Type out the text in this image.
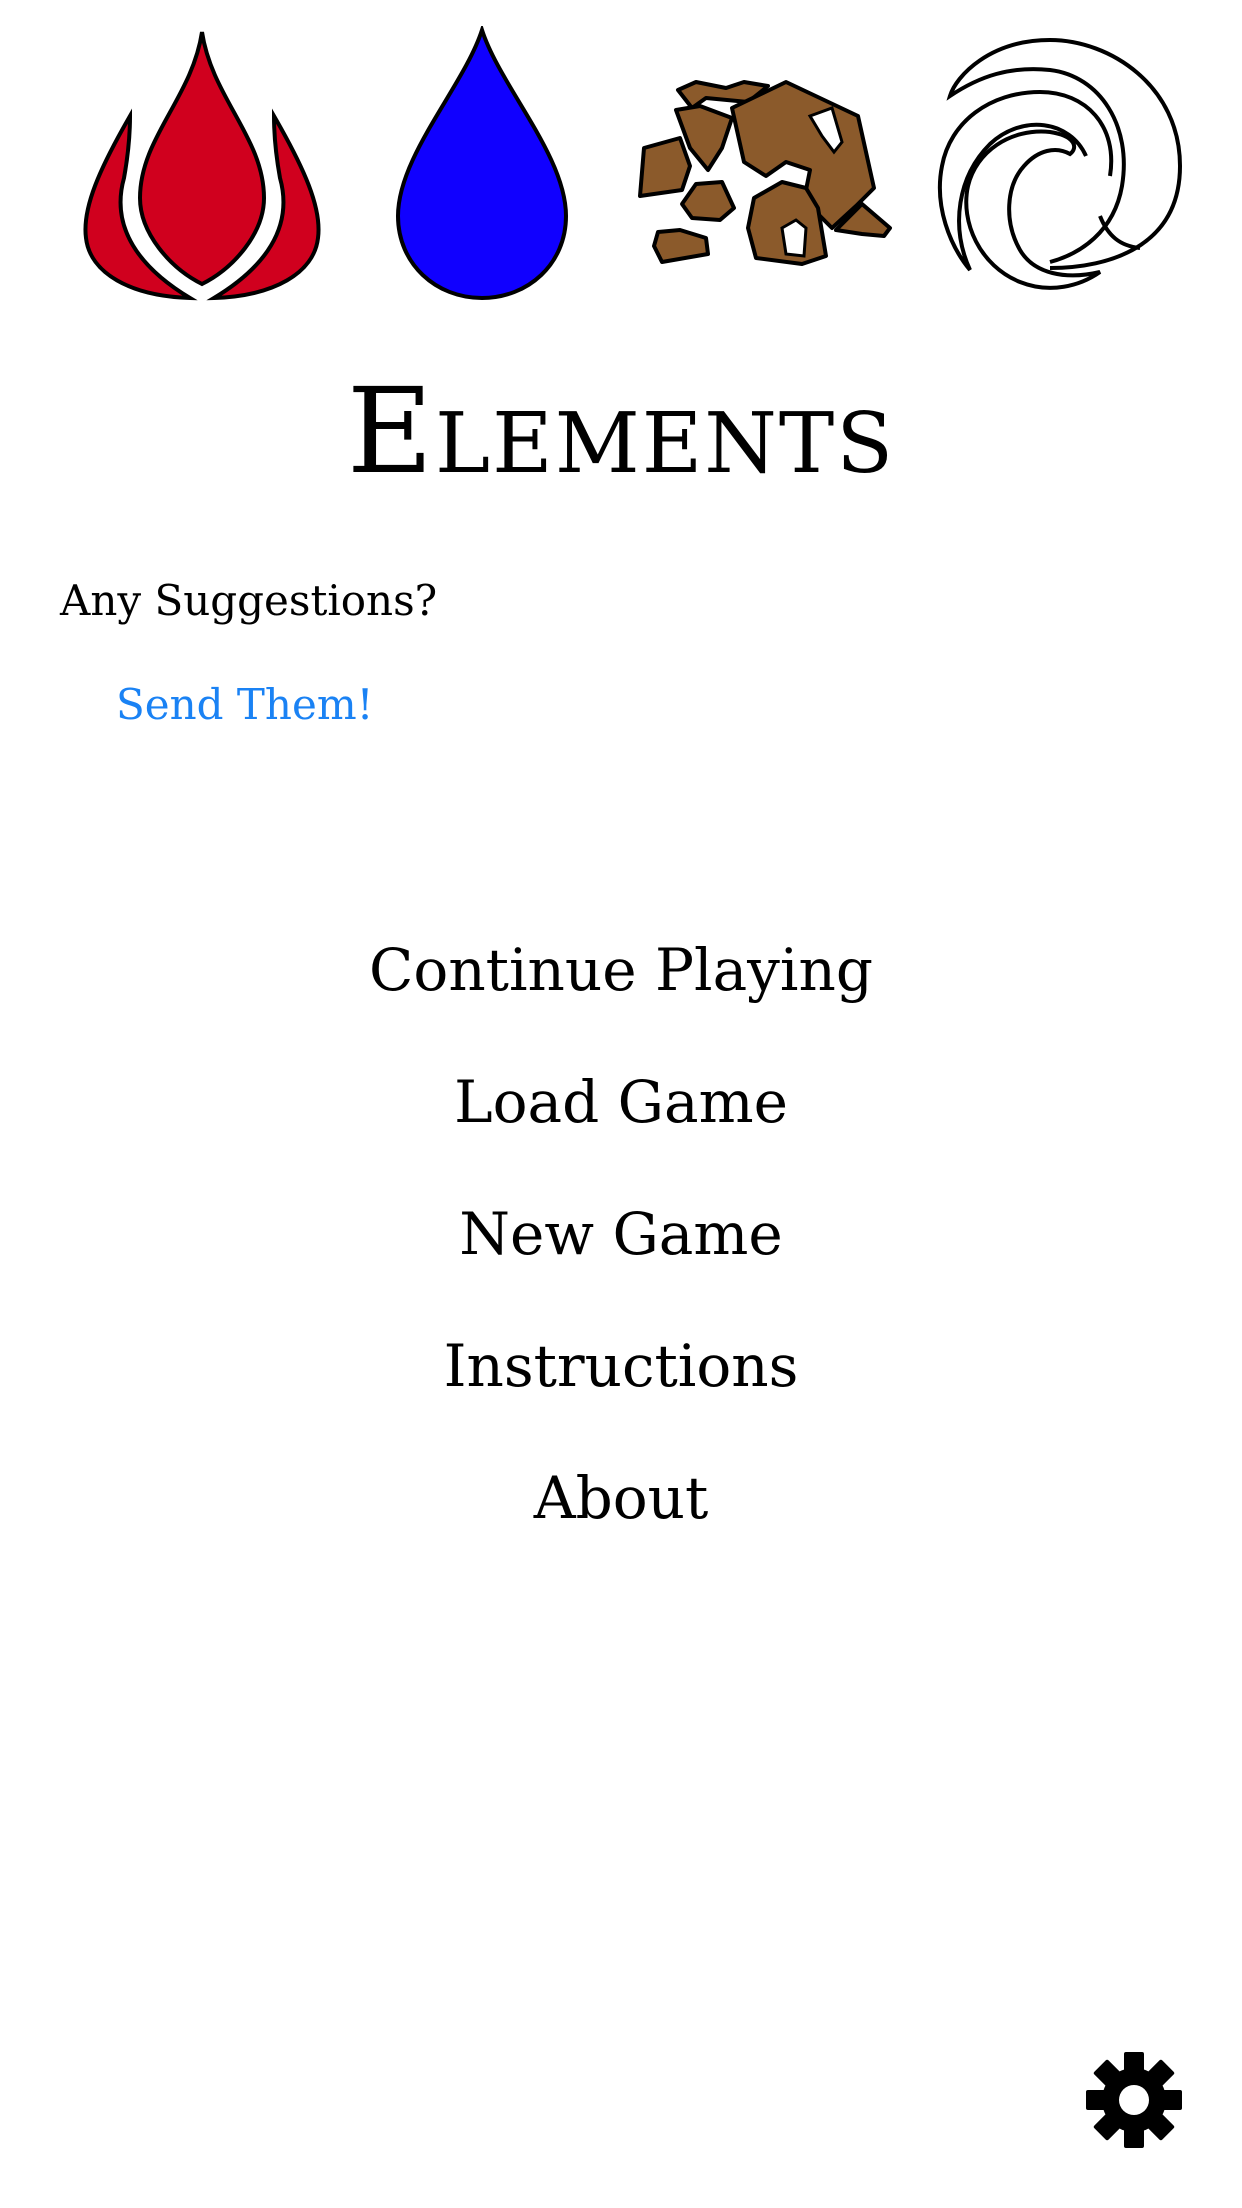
Elements
Any Suggestions?
Send Them!
Continue Playing
Load Game
New Game
Instructions
About
